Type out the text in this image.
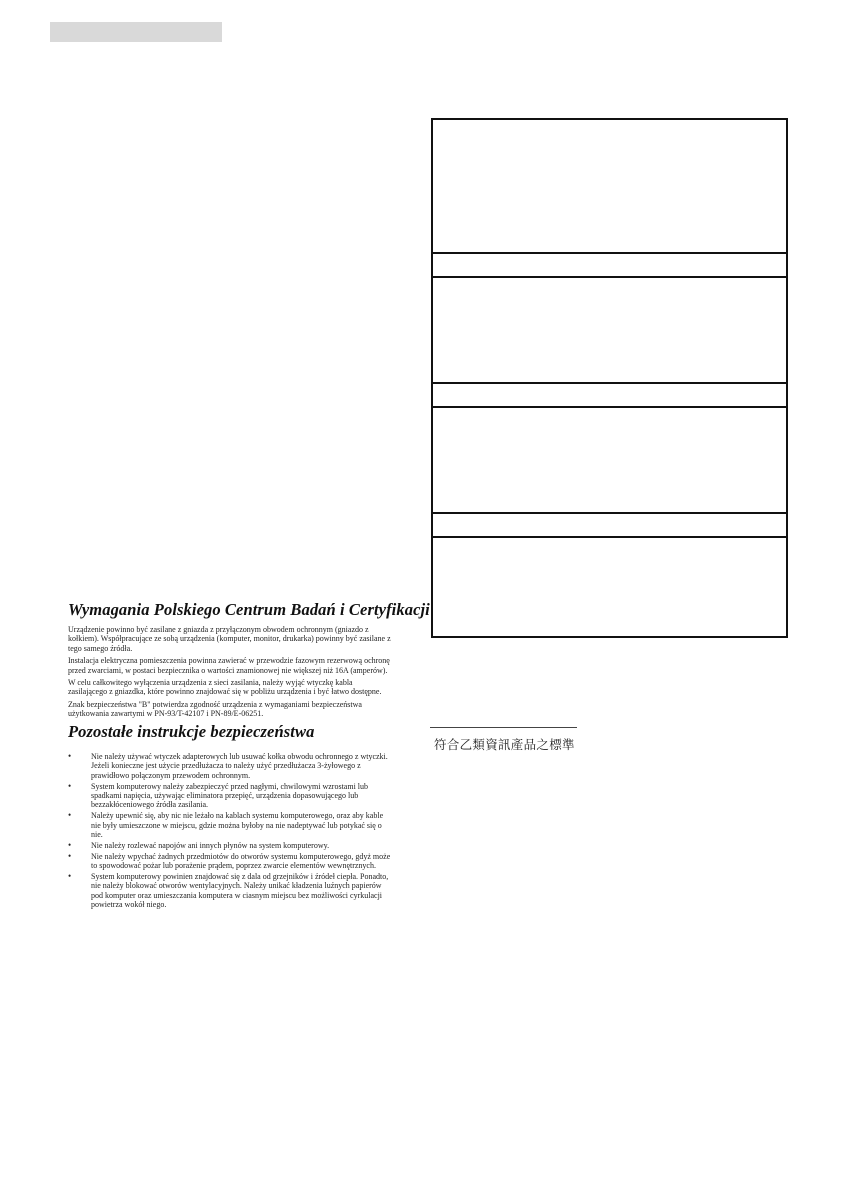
Wymagania Polskiego Centrum Badań i Certyfikacji

Urządzenie powinno być zasilane z gniazda z przyłączonym obwodem ochronnym (gniazdo z kołkiem). Współpracujące ze sobą urządzenia (komputer, monitor, drukarka) powinny być zasilane z tego samego źródła.

Instalacja elektryczna pomieszczenia powinna zawierać w przewodzie fazowym rezerwową ochronę przed zwarciami, w postaci bezpiecznika o wartości znamionowej nie większej niż 16A (amperów).

W celu całkowitego wyłączenia urządzenia z sieci zasilania, należy wyjąć wtyczkę kabla zasilającego z gniazdka, które powinno znajdować się w pobliżu urządzenia i być łatwo dostępne.

Znak bezpieczeństwa "B" potwierdza zgodność urządzenia z wymaganiami bezpieczeństwa użytkowania zawartymi w PN-93/T-42107 i PN-89/E-06251.

Pozostałe instrukcje bezpieczeństwa
• Nie należy używać wtyczek adapterowych lub usuwać kołka obwodu ochronnego z wtyczki. Jeżeli konieczne jest użycie przedłużacza to należy użyć przedłużacza 3-żyłowego z prawidłowo połączonym przewodem ochronnym.
• System komputerowy należy zabezpieczyć przed nagłymi, chwilowymi wzrostami lub spadkami napięcia, używając eliminatora przepięć, urządzenia dopasowującego lub bezzakłóceniowego źródła zasilania.
• Należy upewnić się, aby nic nie leżało na kablach systemu komputerowego, oraz aby kable nie były umieszczone w miejscu, gdzie można byłoby na nie nadeptywać lub potykać się o nie.
• Nie należy rozlewać napojów ani innych płynów na system komputerowy.
• Nie należy wpychać żadnych przedmiotów do otworów systemu komputerowego, gdyż może to spowodować pożar lub porażenie prądem, poprzez zwarcie elementów wewnętrznych.
• System komputerowy powinien znajdować się z dala od grzejników i źródeł ciepła. Ponadto, nie należy blokować otworów wentylacyjnych. Należy unikać kładzenia luźnych papierów pod komputer oraz umieszczania komputera w ciasnym miejscu bez możliwości cyrkulacji powietrza wokół niego.
符合乙類資訊產品之標準
